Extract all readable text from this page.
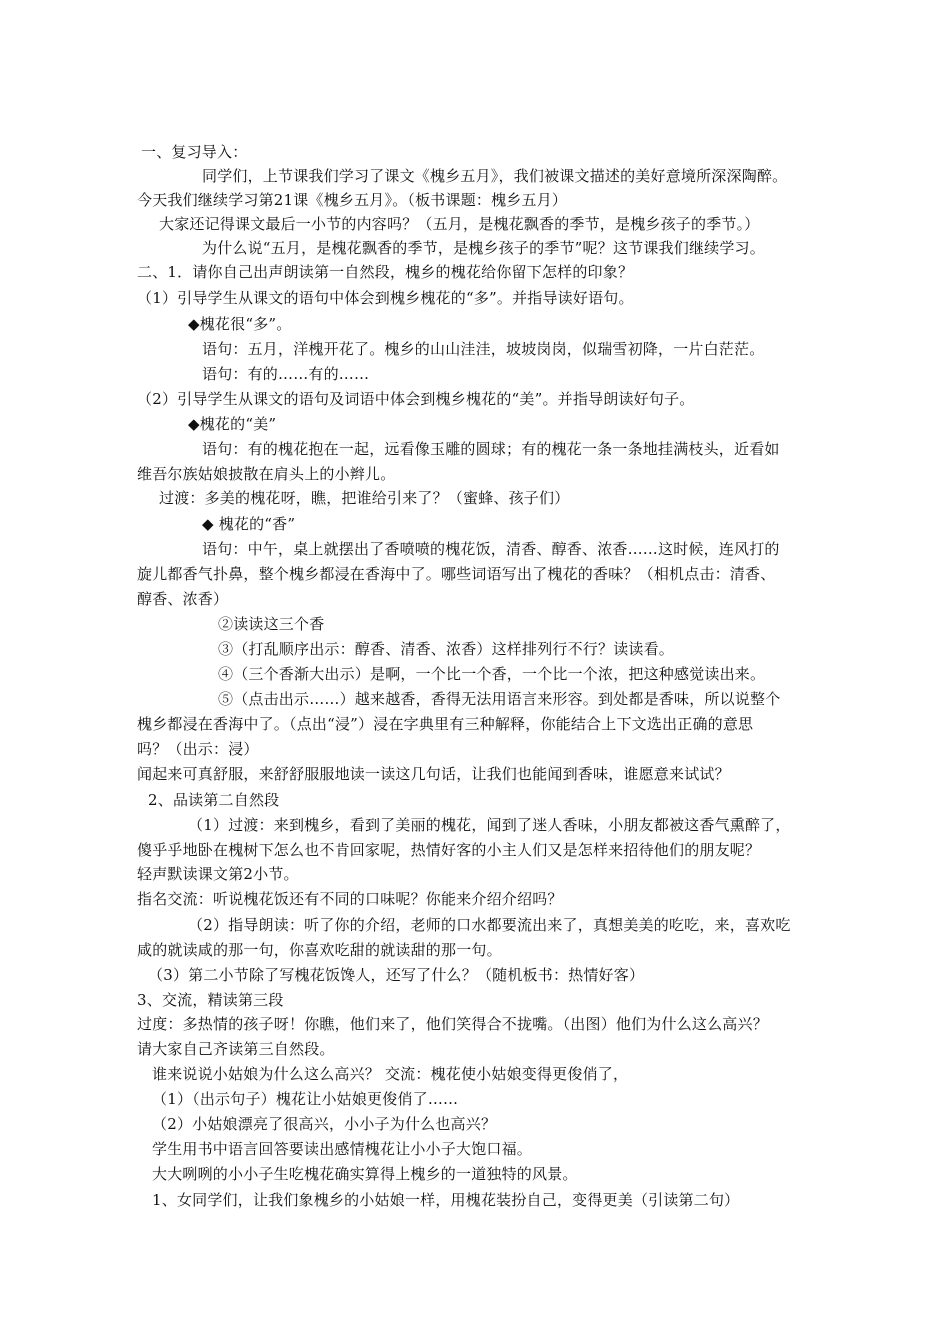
一、复习导入：
同学们，上节课我们学习了课文《槐乡五月》，我们被课文描述的美好意境所深深陶醉。
今天我们继续学习第21课《槐乡五月》。（板书课题：槐乡五月）
大家还记得课文最后一小节的内容吗？（五月，是槐花飘香的季节，是槐乡孩子的季节。）
为什么说“五月，是槐花飘香的季节，是槐乡孩子的季节”呢？这节课我们继续学习。
二、1．请你自己出声朗读第一自然段，槐乡的槐花给你留下怎样的印象？
（1）引导学生从课文的语句中体会到槐乡槐花的“多”。并指导读好语句。
◆槐花很“多”。
语句：五月，洋槐开花了。槐乡的山山洼洼，坡坡岗岗，似瑞雪初降，一片白茫茫。
语句：有的……有的……
（2）引导学生从课文的语句及词语中体会到槐乡槐花的“美”。并指导朗读好句子。
◆槐花的“美”
语句：有的槐花抱在一起，远看像玉雕的圆球；有的槐花一条一条地挂满枝头，近看如
维吾尔族姑娘披散在肩头上的小辫儿。
过渡：多美的槐花呀，瞧，把谁给引来了？（蜜蜂、孩子们）
◆ 槐花的“香”
语句：中午，桌上就摆出了香喷喷的槐花饭，清香、醇香、浓香……这时候，连风打的
旋儿都香气扑鼻，整个槐乡都浸在香海中了。哪些词语写出了槐花的香味？（相机点击：清香、
醇香、浓香）
②读读这三个香
③（打乱顺序出示：醇香、清香、浓香）这样排列行不行？读读看。
④（三个香渐大出示）是啊，一个比一个香，一个比一个浓，把这种感觉读出来。
⑤（点击出示……）越来越香，香得无法用语言来形容。到处都是香味，所以说整个
槐乡都浸在香海中了。（点出“浸”）浸在字典里有三种解释，你能结合上下文选出正确的意思
吗？（出示：浸）
闻起来可真舒服，来舒舒服服地读一读这几句话，让我们也能闻到香味，谁愿意来试试？
2、品读第二自然段
（1）过渡：来到槐乡，看到了美丽的槐花，闻到了迷人香味，小朋友都被这香气熏醉了，
傻乎乎地卧在槐树下怎么也不肯回家呢，热情好客的小主人们又是怎样来招待他们的朋友呢？
轻声默读课文第2小节。
指名交流：听说槐花饭还有不同的口味呢？你能来介绍介绍吗？
（2）指导朗读：听了你的介绍，老师的口水都要流出来了，真想美美的吃吃，来，喜欢吃
咸的就读咸的那一句，你喜欢吃甜的就读甜的那一句。
（3）第二小节除了写槐花饭馋人，还写了什么？（随机板书：热情好客）
3、交流，精读第三段
过度：多热情的孩子呀！你瞧，他们来了，他们笑得合不拢嘴。（出图）他们为什么这么高兴？
请大家自己齐读第三自然段。
谁来说说小姑娘为什么这么高兴？ 交流：槐花使小姑娘变得更俊俏了，
（1）（出示句子）槐花让小姑娘更俊俏了……
（2）小姑娘漂亮了很高兴，小小子为什么也高兴？
学生用书中语言回答要读出感情槐花让小小子大饱口福。
大大咧咧的小小子生吃槐花确实算得上槐乡的一道独特的风景。
1、女同学们，让我们象槐乡的小姑娘一样，用槐花装扮自己，变得更美（引读第二句）
